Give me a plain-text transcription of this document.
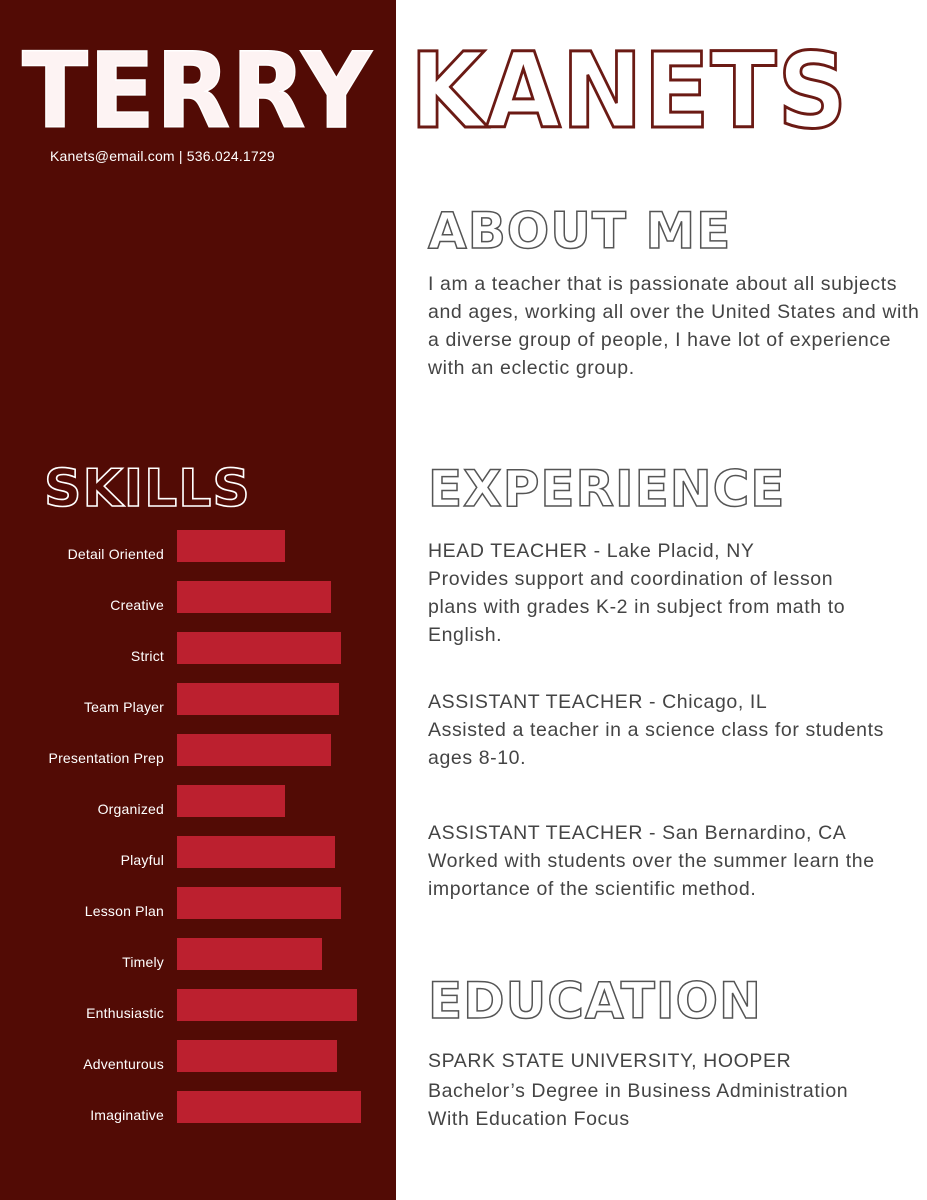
TERRY KANETS
Kanets@email.com | 536.024.1729
ABOUT ME
I am a teacher that is passionate about all subjects and ages, working all over the United States and with a diverse group of people, I have lot of experience with an eclectic group.
SKILLS
Detail Oriented
Creative
Strict
Team Player
Presentation Prep
Organized
Playful
Lesson Plan
Timely
Enthusiastic
Adventurous
Imaginative
EXPERIENCE
HEAD TEACHER - Lake Placid, NY
Provides support and coordination of lesson plans with grades K-2 in subject from math to English.
ASSISTANT TEACHER - Chicago, IL
Assisted a teacher in a science class for students ages 8-10.
ASSISTANT TEACHER - San Bernardino, CA
Worked with students over the summer learn the importance of the scientific method.
EDUCATION
SPARK STATE UNIVERSITY, HOOPER
Bachelor’s Degree in Business Administration
With Education Focus
